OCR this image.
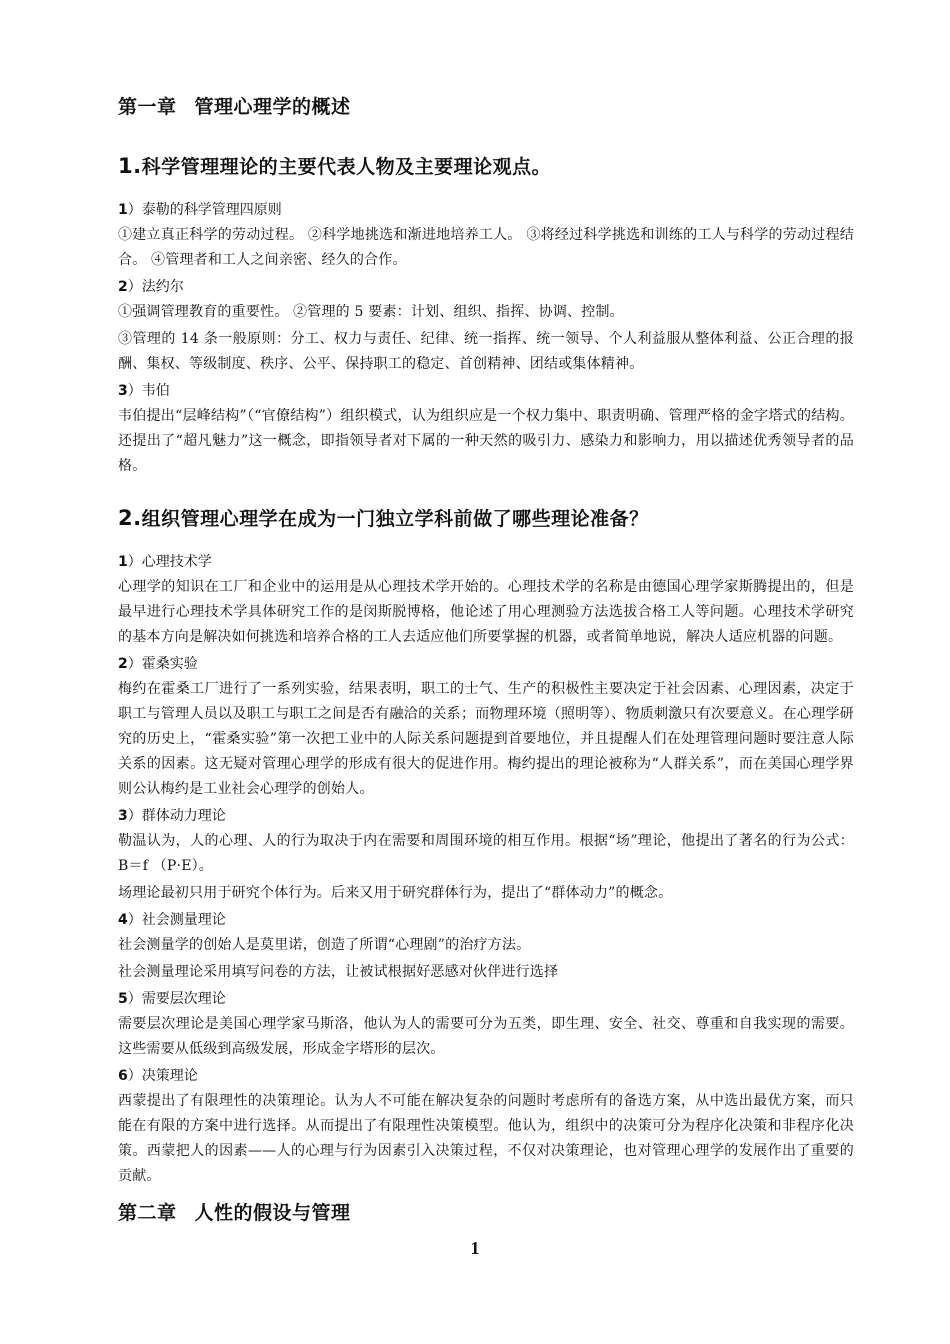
第一章 管理心理学的概述
1.科学管理理论的主要代表人物及主要理论观点。

1）泰勒的科学管理四原则

①建立真正科学的劳动过程。 ②科学地挑选和渐进地培养工人。 ③将经过科学挑选和训练的工人与科学的劳动过程结合。 ④管理者和工人之间亲密、经久的合作。

2）法约尔

①强调管理教育的重要性。 ②管理的 5 要素：计划、组织、指挥、协调、控制。

③管理的 14 条一般原则：分工、权力与责任、纪律、统一指挥、统一领导、个人利益服从整体利益、公正合理的报酬、集权、等级制度、秩序、公平、保持职工的稳定、首创精神、团结或集体精神。

3）韦伯

韦伯提出“层峰结构”（“官僚结构”）组织模式，认为组织应是一个权力集中、职责明确、管理严格的金字塔式的结构。还提出了“超凡魅力”这一概念，即指领导者对下属的一种天然的吸引力、感染力和影响力，用以描述优秀领导者的品格。

2.组织管理心理学在成为一门独立学科前做了哪些理论准备？

1）心理技术学

心理学的知识在工厂和企业中的运用是从心理技术学开始的。心理技术学的名称是由德国心理学家斯腾提出的，但是最早进行心理技术学具体研究工作的是闵斯脱博格，他论述了用心理测验方法选拔合格工人等问题。心理技术学研究的基本方向是解决如何挑选和培养合格的工人去适应他们所要掌握的机器，或者简单地说，解决人适应机器的问题。

2）霍桑实验

梅约在霍桑工厂进行了一系列实验，结果表明，职工的士气、生产的积极性主要决定于社会因素、心理因素，决定于职工与管理人员以及职工与职工之间是否有融洽的关系；而物理环境（照明等）、物质刺激只有次要意义。在心理学研究的历史上，“霍桑实验”第一次把工业中的人际关系问题提到首要地位，并且提醒人们在处理管理问题时要注意人际关系的因素。这无疑对管理心理学的形成有很大的促进作用。梅约提出的理论被称为“人群关系”，而在美国心理学界则公认梅约是工业社会心理学的创始人。

3）群体动力理论

勒温认为，人的心理、人的行为取决于内在需要和周围环境的相互作用。根据“场”理论，他提出了著名的行为公式： B＝f （P·E）。

场理论最初只用于研究个体行为。后来又用于研究群体行为，提出了“群体动力”的概念。

4）社会测量理论

社会测量学的创始人是莫里诺，创造了所谓“心理剧”的治疗方法。

社会测量理论采用填写问卷的方法，让被试根据好恶感对伙伴进行选择

5）需要层次理论

需要层次理论是美国心理学家马斯洛，他认为人的需要可分为五类，即生理、安全、社交、尊重和自我实现的需要。这些需要从低级到高级发展，形成金字塔形的层次。

6）决策理论

西蒙提出了有限理性的决策理论。认为人不可能在解决复杂的问题时考虑所有的备选方案，从中选出最优方案，而只能在有限的方案中进行选择。从而提出了有限理性决策模型。他认为，组织中的决策可分为程序化决策和非程序化决策。西蒙把人的因素——人的心理与行为因素引入决策过程，不仅对决策理论，也对管理心理学的发展作出了重要的贡献。

第二章 人性的假设与管理
1
